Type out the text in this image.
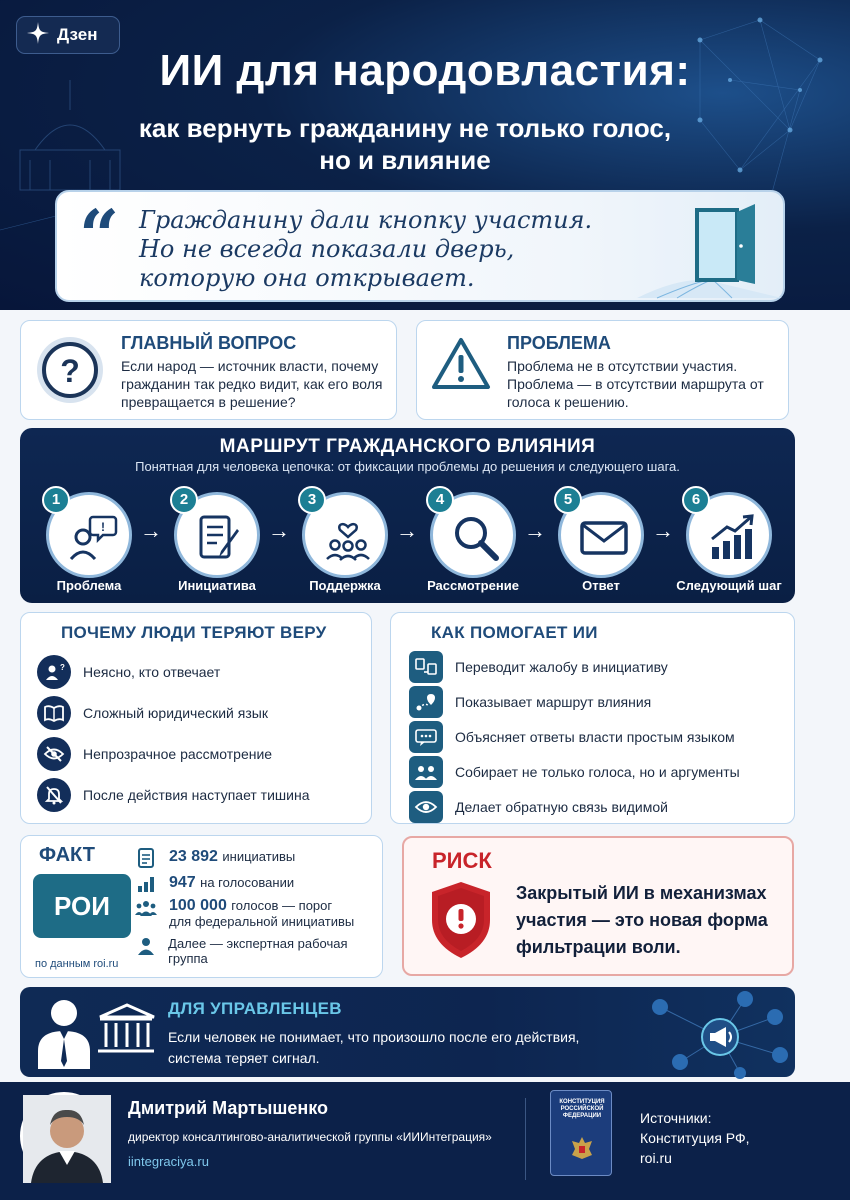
Дзен
ИИ для народовластия:
как вернуть гражданину не только голос,
но и влияние
“ Гражданину дали кнопку участия.
Но не всегда показали дверь,
которую она открывает.
?
ГЛАВНЫЙ ВОПРОС
Если народ — источник власти, почему гражданин так редко видит, как его воля превращается в решение?
ПРОБЛЕМА
Проблема не в отсутствии участия.
Проблема — в отсутствии маршрута от голоса к решению.
МАРШРУТ ГРАЖДАНСКОГО ВЛИЯНИЯ
Понятная для человека цепочка: от фиксации проблемы до решения и следующего шага.
!
1
Проблема
→
2
Инициатива
→
3
Поддержка
→
4
Рассмотрение
→
5
Ответ
→
6
Следующий шаг
ПОЧЕМУ ЛЮДИ ТЕРЯЮТ ВЕРУ
? Неясно, кто отвечает
Сложный юридический язык
Непрозрачное рассмотрение
После действия наступает тишина
КАК ПОМОГАЕТ ИИ
Переводит жалобу в инициативу
Показывает маршрут влияния
Объясняет ответы власти простым языком
Собирает не только голоса, но и аргументы
Делает обратную связь видимой
ФАКТ
РОИ
по данным roi.ru
23 892 инициативы
947 на голосовании
100 000 голосов — порог
для федеральной инициативы
Далее — экспертная рабочая группа
РИСК
Закрытый ИИ в механизмах участия — это новая форма фильтрации воли.
ДЛЯ УПРАВЛЕНЦЕВ
Если человек не понимает, что произошло после его действия, система теряет сигнал.
Дмитрий Мартышенко
директор консалтингово-аналитической группы «ИИИнтеграция»
iintegraciya.ru
КОНСТИТУЦИЯ РОССИЙСКОЙ ФЕДЕРАЦИИ	Источники:
Конституция РФ,
roi.ru
